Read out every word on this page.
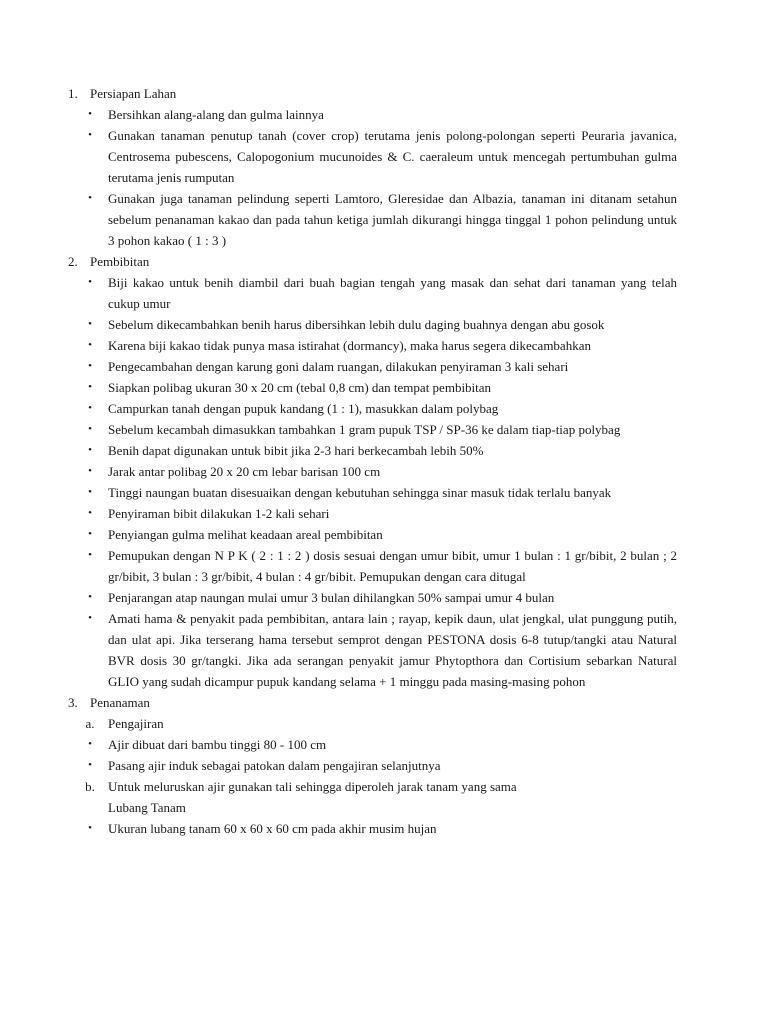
1. Persiapan Lahan
•	Bersihkan alang-alang dan gulma lainnya
•	Gunakan tanaman penutup tanah (cover crop) terutama jenis polong-polongan seperti Peuraria javanica, Centrosema pubescens, Calopogonium mucunoides & C. caeraleum untuk mencegah pertumbuhan gulma terutama jenis rumputan
•	Gunakan juga tanaman pelindung seperti Lamtoro, Gleresidae dan Albazia, tanaman ini ditanam setahun sebelum penanaman kakao dan pada tahun ketiga jumlah dikurangi hingga tinggal 1 pohon pelindung untuk 3 pohon kakao ( 1 : 3 )
2. Pembibitan
•	Biji kakao untuk benih diambil dari buah bagian tengah yang masak dan sehat dari tanaman yang telah cukup umur
•	Sebelum dikecambahkan benih harus dibersihkan lebih dulu daging buahnya dengan abu gosok
•	Karena biji kakao tidak punya masa istirahat (dormancy), maka harus segera dikecambahkan
•	Pengecambahan dengan karung goni dalam ruangan, dilakukan penyiraman 3 kali sehari
•	Siapkan polibag ukuran 30 x 20 cm (tebal 0,8 cm) dan tempat pembibitan
•	Campurkan tanah dengan pupuk kandang (1 : 1), masukkan dalam polybag
•	Sebelum kecambah dimasukkan tambahkan 1 gram pupuk TSP / SP-36 ke dalam tiap-tiap polybag
•	Benih dapat digunakan untuk bibit jika 2-3 hari berkecambah lebih 50%
•	Jarak antar polibag 20 x 20 cm lebar barisan 100 cm
•	Tinggi naungan buatan disesuaikan dengan kebutuhan sehingga sinar masuk tidak terlalu banyak
•	Penyiraman bibit dilakukan 1-2 kali sehari
•	Penyiangan gulma melihat keadaan areal pembibitan
•	Pemupukan dengan N P K ( 2 : 1 : 2 ) dosis sesuai dengan umur bibit, umur 1 bulan : 1 gr/bibit, 2 bulan ; 2 gr/bibit, 3 bulan : 3 gr/bibit, 4 bulan : 4 gr/bibit. Pemupukan dengan cara ditugal
•	Penjarangan atap naungan mulai umur 3 bulan dihilangkan 50% sampai umur 4 bulan
•	Amati hama & penyakit pada pembibitan, antara lain ; rayap, kepik daun, ulat jengkal, ulat punggung putih, dan ulat api. Jika terserang hama tersebut semprot dengan PESTONA dosis 6-8 tutup/tangki atau Natural BVR dosis 30 gr/tangki. Jika ada serangan penyakit jamur Phytopthora dan Cortisium sebarkan Natural GLIO yang sudah dicampur pupuk kandang selama + 1 minggu pada masing-masing pohon
3. Penanaman
a.	Pengajiran
•	Ajir dibuat dari bambu tinggi 80 - 100 cm
•	Pasang ajir induk sebagai patokan dalam pengajiran selanjutnya
b.	Untuk meluruskan ajir gunakan tali sehingga diperoleh jarak tanam yang sama
Lubang Tanam
•	Ukuran lubang tanam 60 x 60 x 60 cm pada akhir musim hujan
